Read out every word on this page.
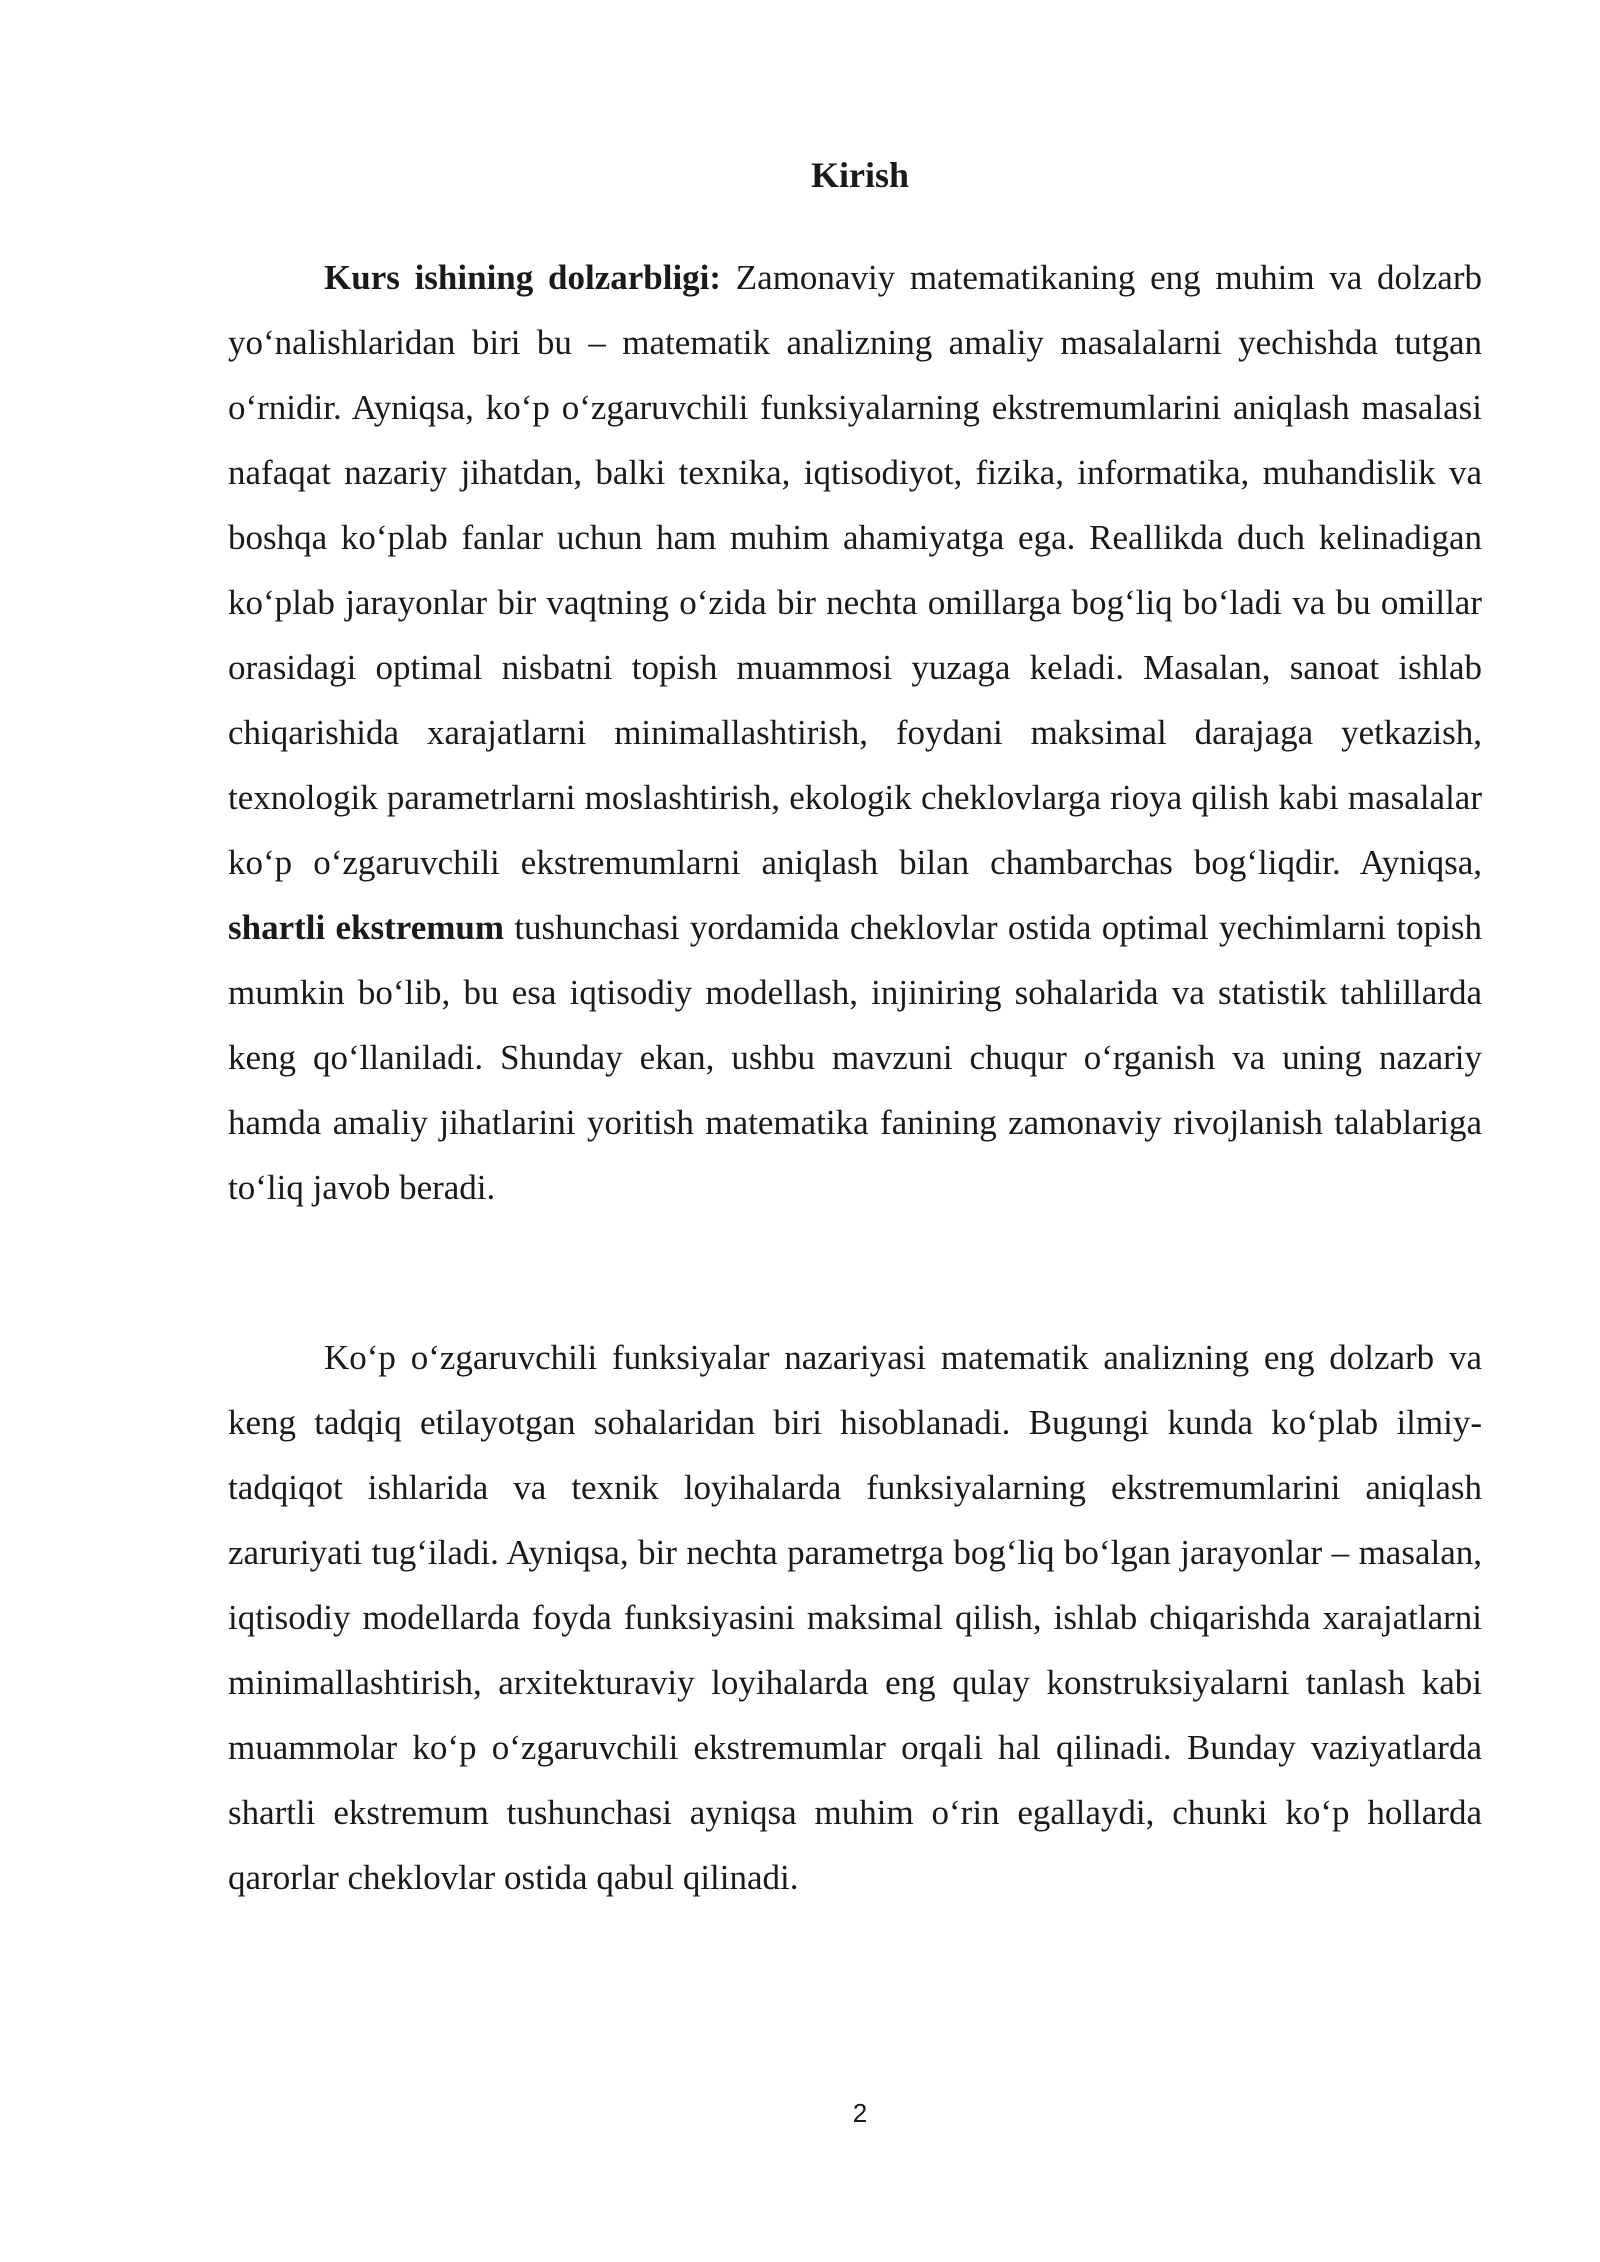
Kirish

Kurs ishining dolzarbligi: Zamonaviy matematikaning eng muhim va dolzarb yo‘nalishlaridan biri bu – matematik analizning amaliy masalalarni yechishda tutgan o‘rnidir. Ayniqsa, ko‘p o‘zgaruvchili funksiyalarning ekstremumlarini aniqlash masalasi nafaqat nazariy jihatdan, balki texnika, iqtisodiyot, fizika, informatika, muhandislik va boshqa ko‘plab fanlar uchun ham muhim ahamiyatga ega. Reallikda duch kelinadigan ko‘plab jarayonlar bir vaqtning o‘zida bir nechta omillarga bog‘liq bo‘ladi va bu omillar orasidagi optimal nisbatni topish muammosi yuzaga keladi. Masalan, sanoat ishlab chiqarishida xarajatlarni minimallashtirish, foydani maksimal darajaga yetkazish, texnologik parametrlarni moslashtirish, ekologik cheklovlarga rioya qilish kabi masalalar ko‘p o‘zgaruvchili ekstremumlarni aniqlash bilan chambarchas bog‘liqdir. Ayniqsa, shartli ekstremum tushunchasi yordamida cheklovlar ostida optimal yechimlarni topish mumkin bo‘lib, bu esa iqtisodiy modellash, injiniring sohalarida va statistik tahlillarda keng qo‘llaniladi. Shunday ekan, ushbu mavzuni chuqur o‘rganish va uning nazariy hamda amaliy jihatlarini yoritish matematika fanining zamonaviy rivojlanish talablariga to‘liq javob beradi.

Ko‘p o‘zgaruvchili funksiyalar nazariyasi matematik analizning eng dolzarb va keng tadqiq etilayotgan sohalaridan biri hisoblanadi. Bugungi kunda ko‘plab ilmiy-tadqiqot ishlarida va texnik loyihalarda funksiyalarning ekstremumlarini aniqlash zaruriyati tug‘iladi. Ayniqsa, bir nechta parametrga bog‘liq bo‘lgan jarayonlar – masalan, iqtisodiy modellarda foyda funksiyasini maksimal qilish, ishlab chiqarishda xarajatlarni minimallashtirish, arxitekturaviy loyihalarda eng qulay konstruksiyalarni tanlash kabi muammolar ko‘p o‘zgaruvchili ekstremumlar orqali hal qilinadi. Bunday vaziyatlarda shartli ekstremum tushunchasi ayniqsa muhim o‘rin egallaydi, chunki ko‘p hollarda qarorlar cheklovlar ostida qabul qilinadi.

2
